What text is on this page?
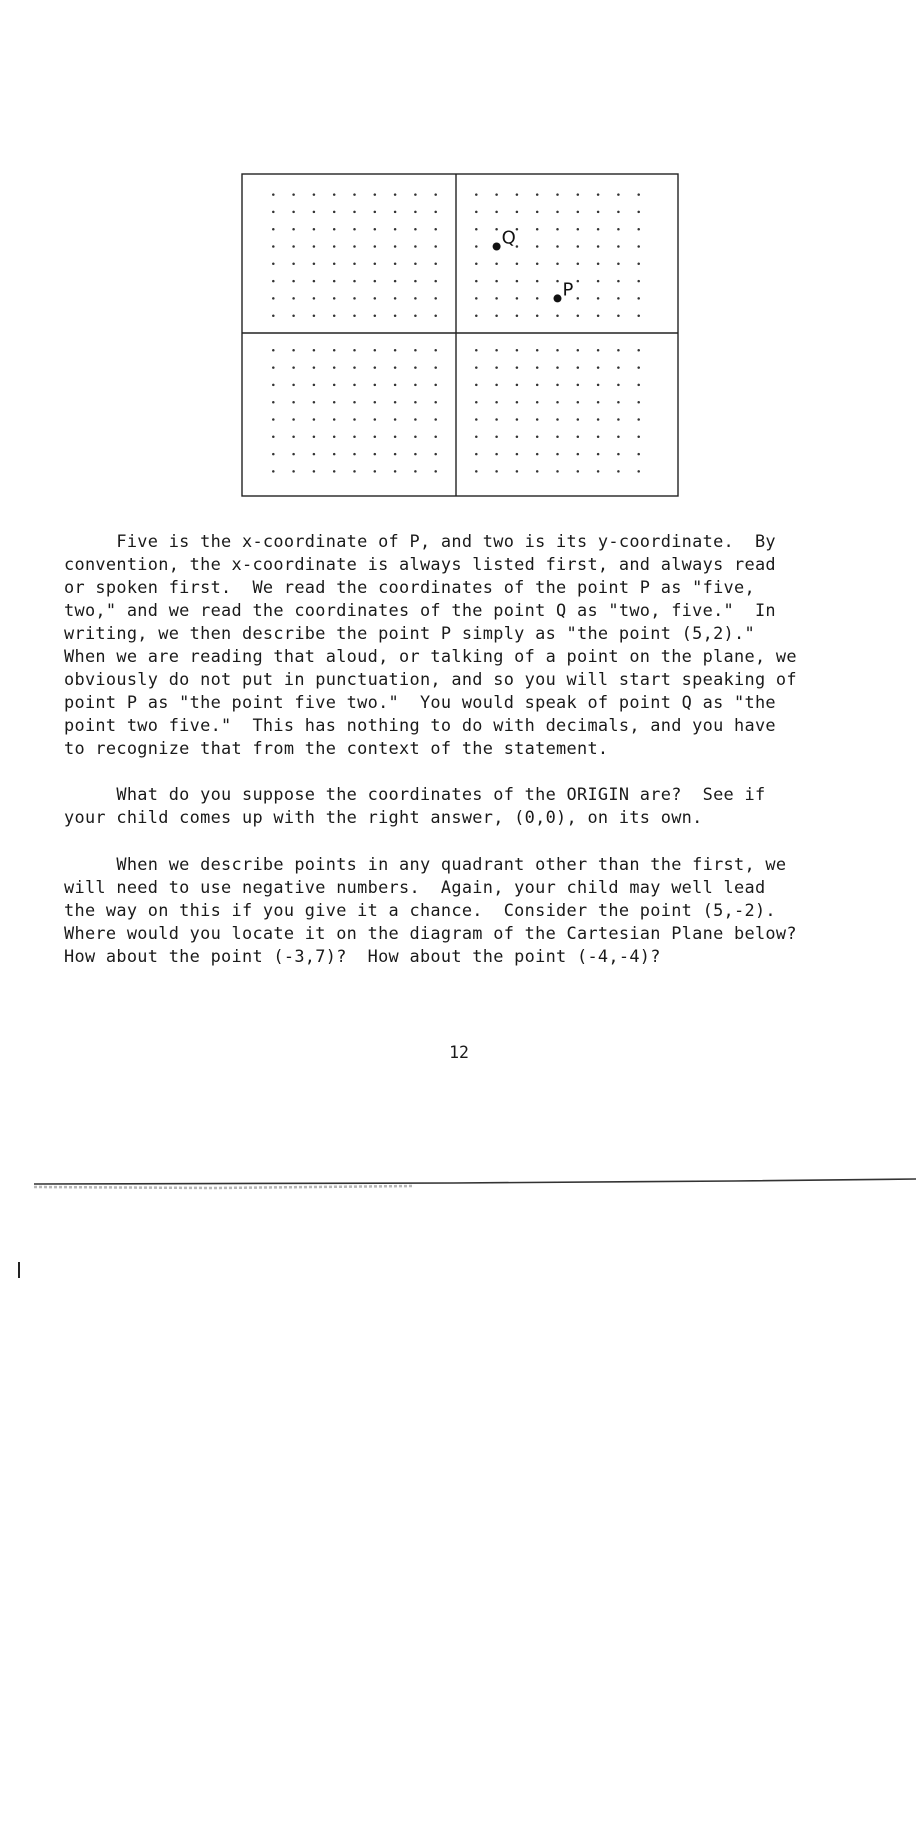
P
Q
Five is the x-coordinate of P, and two is its y-coordinate.  By
convention, the x-coordinate is always listed first, and always read
or spoken first.  We read the coordinates of the point P as "five,
two," and we read the coordinates of the point Q as "two, five."  In
writing, we then describe the point P simply as "the point (5,2)."
When we are reading that aloud, or talking of a point on the plane, we
obviously do not put in punctuation, and so you will start speaking of
point P as "the point five two."  You would speak of point Q as "the
point two five."  This has nothing to do with decimals, and you have
to recognize that from the context of the statement.
What do you suppose the coordinates of the ORIGIN are?  See if
your child comes up with the right answer, (0,0), on its own.
When we describe points in any quadrant other than the first, we
will need to use negative numbers.  Again, your child may well lead
the way on this if you give it a chance.  Consider the point (5,-2).
Where would you locate it on the diagram of the Cartesian Plane below?
How about the point (-3,7)?  How about the point (-4,-4)?
12
